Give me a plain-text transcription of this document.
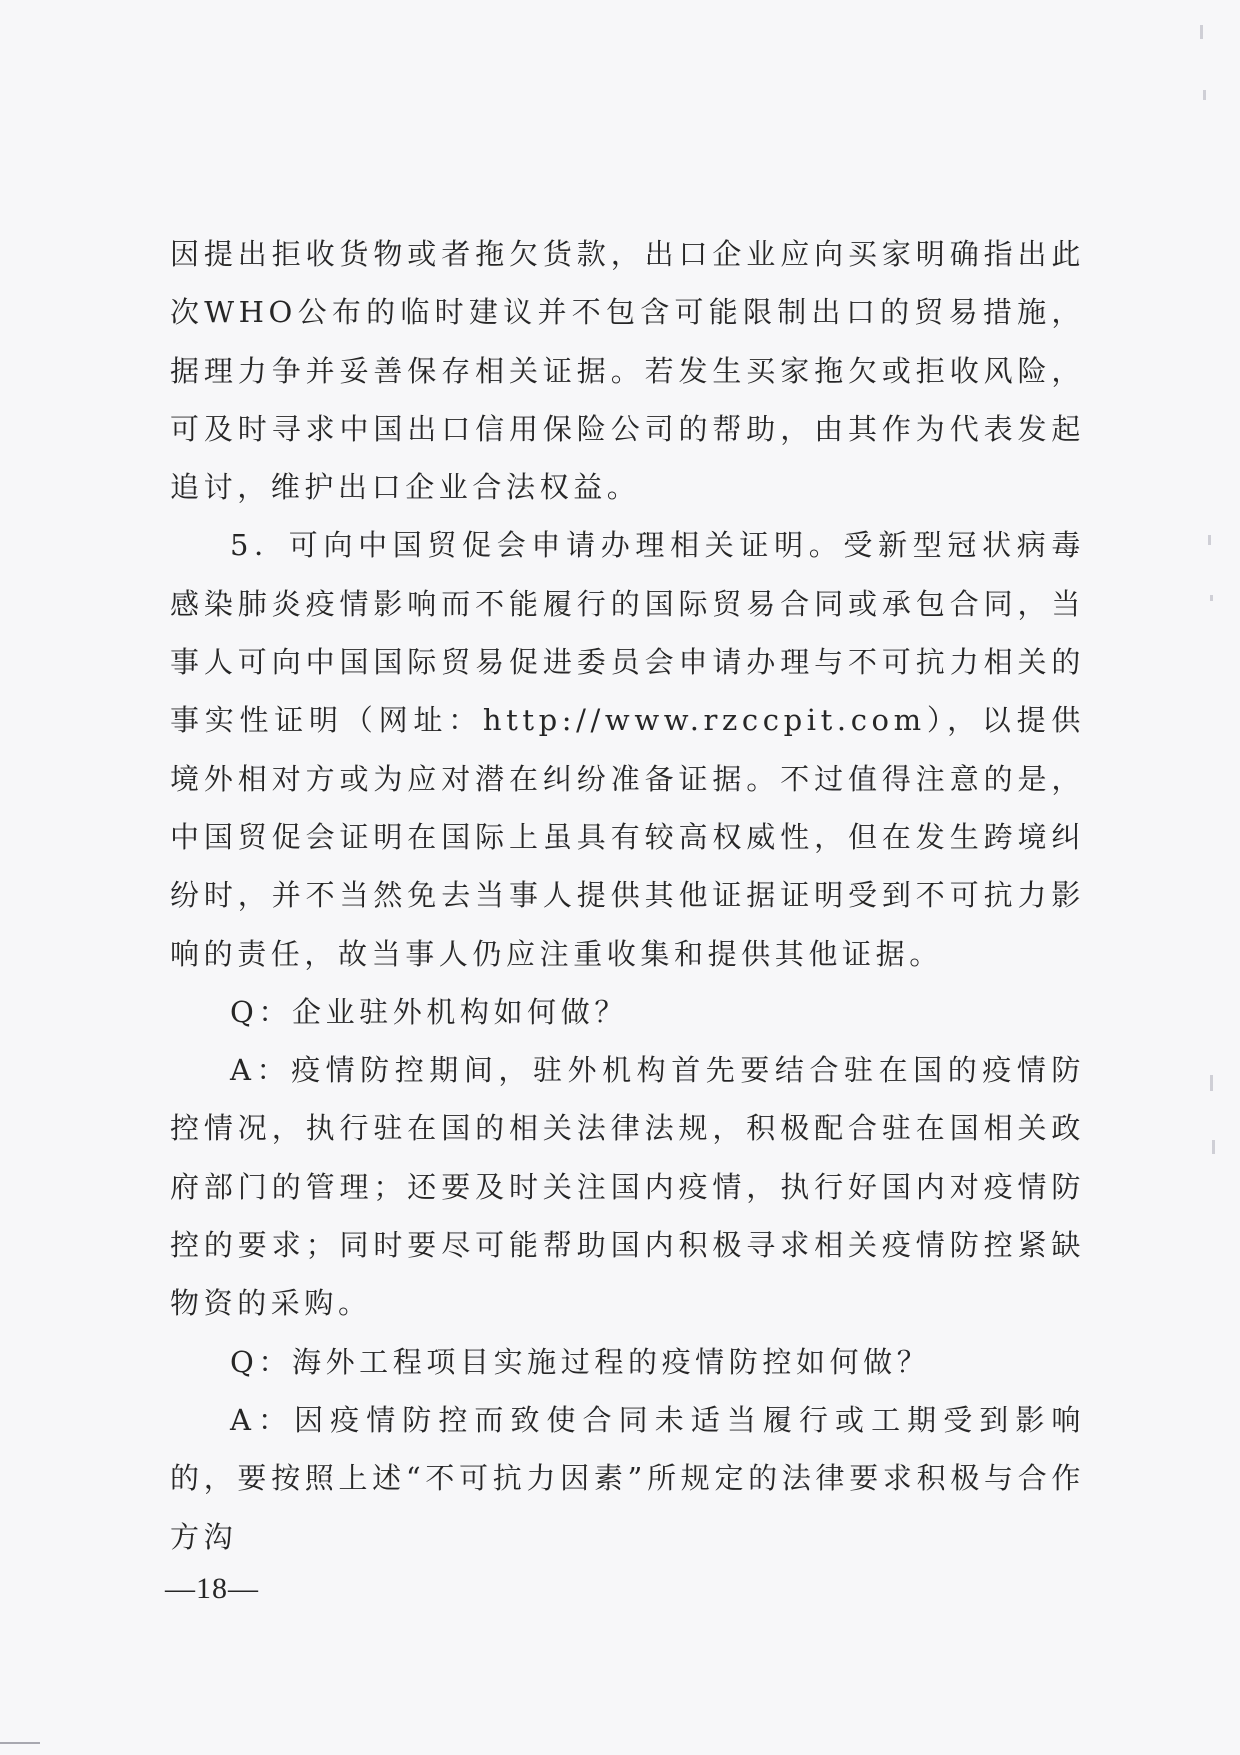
因提出拒收货物或者拖欠货款，出口企业应向买家明确指出此次WHO公布的临时建议并不包含可能限制出口的贸易措施，据理力争并妥善保存相关证据。若发生买家拖欠或拒收风险，可及时寻求中国出口信用保险公司的帮助，由其作为代表发起追讨，维护出口企业合法权益。

5．可向中国贸促会申请办理相关证明。受新型冠状病毒感染肺炎疫情影响而不能履行的国际贸易合同或承包合同，当事人可向中国国际贸易促进委员会申请办理与不可抗力相关的事实性证明（网址：http://www.rzccpit.com），以提供境外相对方或为应对潜在纠纷准备证据。不过值得注意的是，中国贸促会证明在国际上虽具有较高权威性，但在发生跨境纠纷时，并不当然免去当事人提供其他证据证明受到不可抗力影响的责任，故当事人仍应注重收集和提供其他证据。

Q：企业驻外机构如何做？

A：疫情防控期间，驻外机构首先要结合驻在国的疫情防控情况，执行驻在国的相关法律法规，积极配合驻在国相关政府部门的管理；还要及时关注国内疫情，执行好国内对疫情防控的要求；同时要尽可能帮助国内积极寻求相关疫情防控紧缺物资的采购。

Q：海外工程项目实施过程的疫情防控如何做？

A：因疫情防控而致使合同未适当履行或工期受到影响的，要按照上述“不可抗力因素”所规定的法律要求积极与合作方沟

—18—
